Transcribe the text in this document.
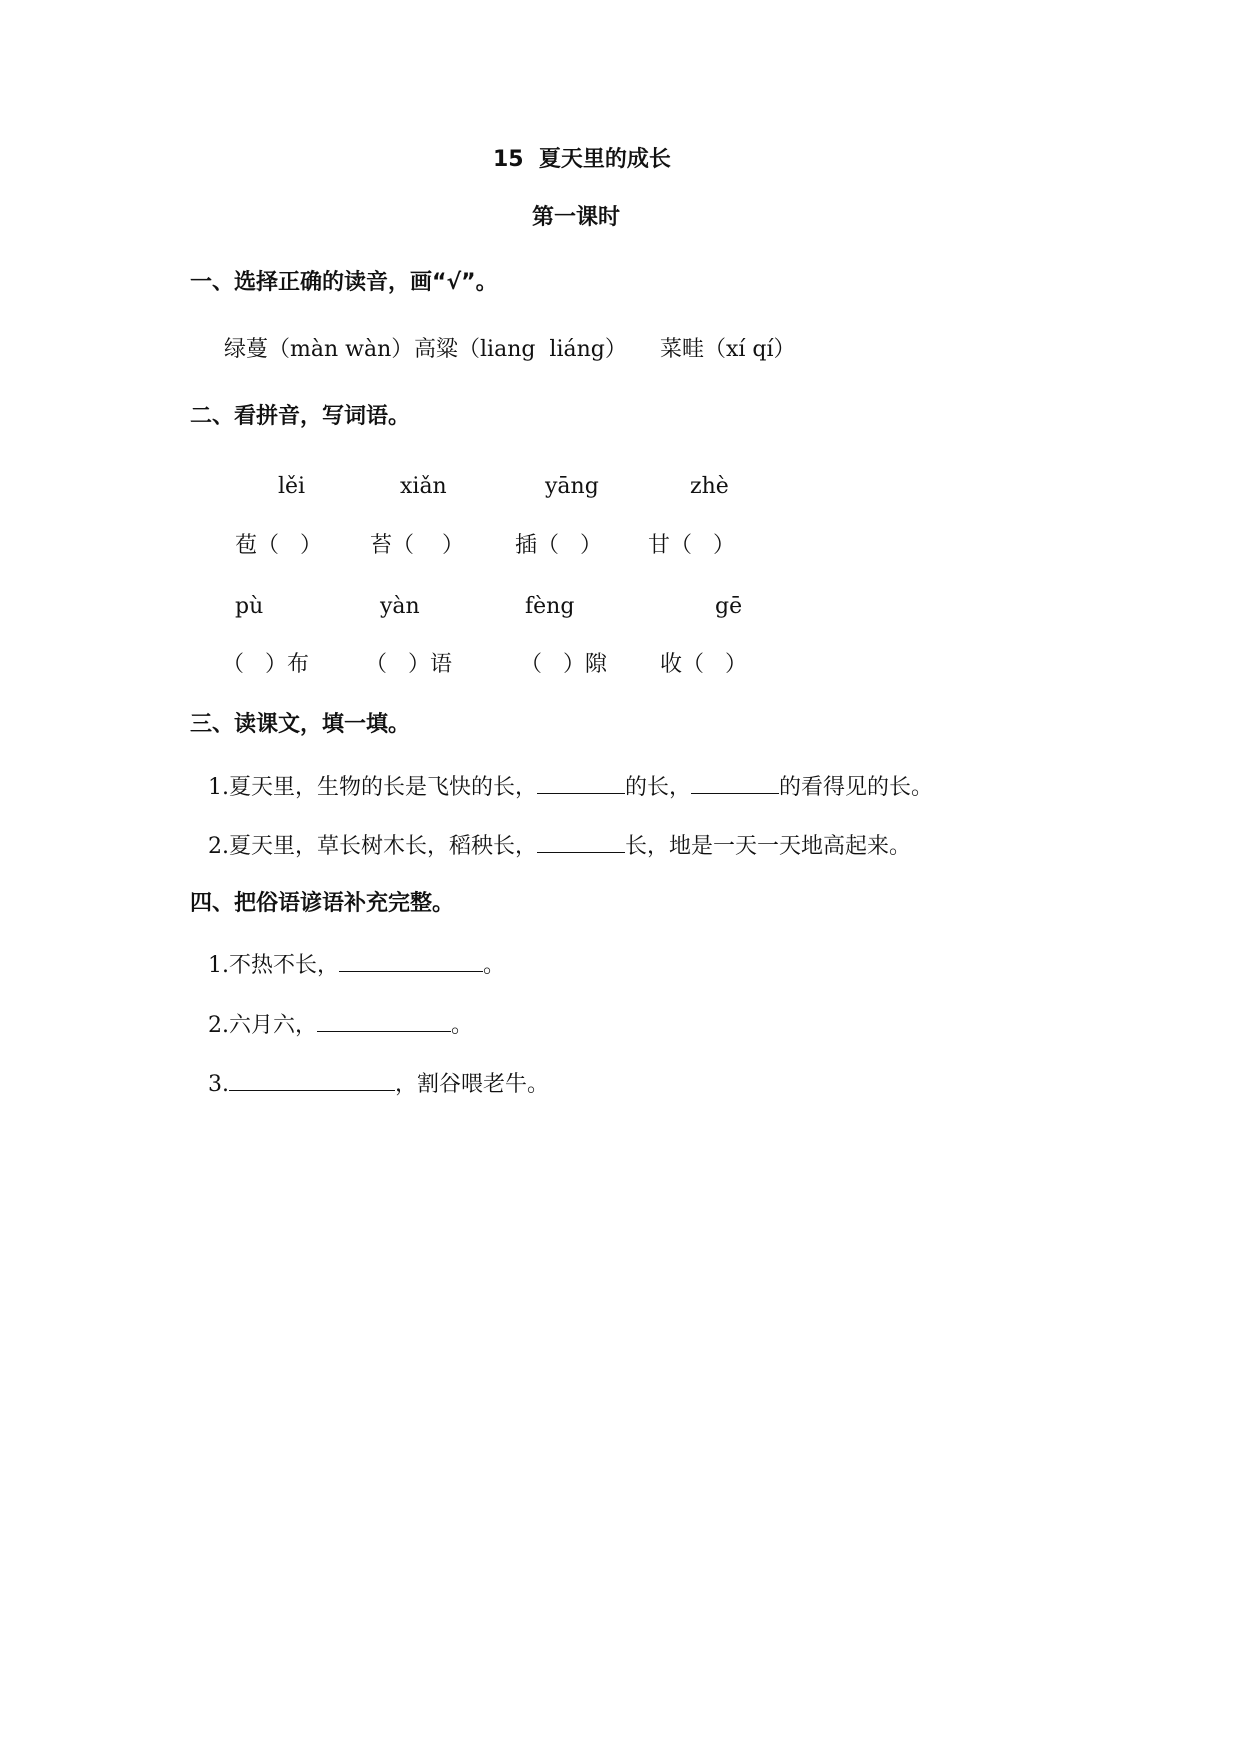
15  夏天里的成长
第一课时
一、选择正确的读音，画“√”。
绿蔓（màn wàn） 高粱（liang  liáng） 菜畦（xí qí）
二、看拼音，写词语。
lěi	xiǎn	yāng	zhè
苞（   ） 苔（    ） 插（   ） 甘（   ）
pù	yàn	fèng	gē
（   ）布	（   ）语	（   ）隙 收（   ）
三、读课文，填一填。
1.夏天里，生物的长是飞快的长，	的长，	的看得见的长。
2.夏天里，草长树木长，稻秧长，	长，地是一天一天地高起来。
四、把俗语谚语补充完整。
1.不热不长，	。
2.六月六，	。
3.	，割谷喂老牛。
